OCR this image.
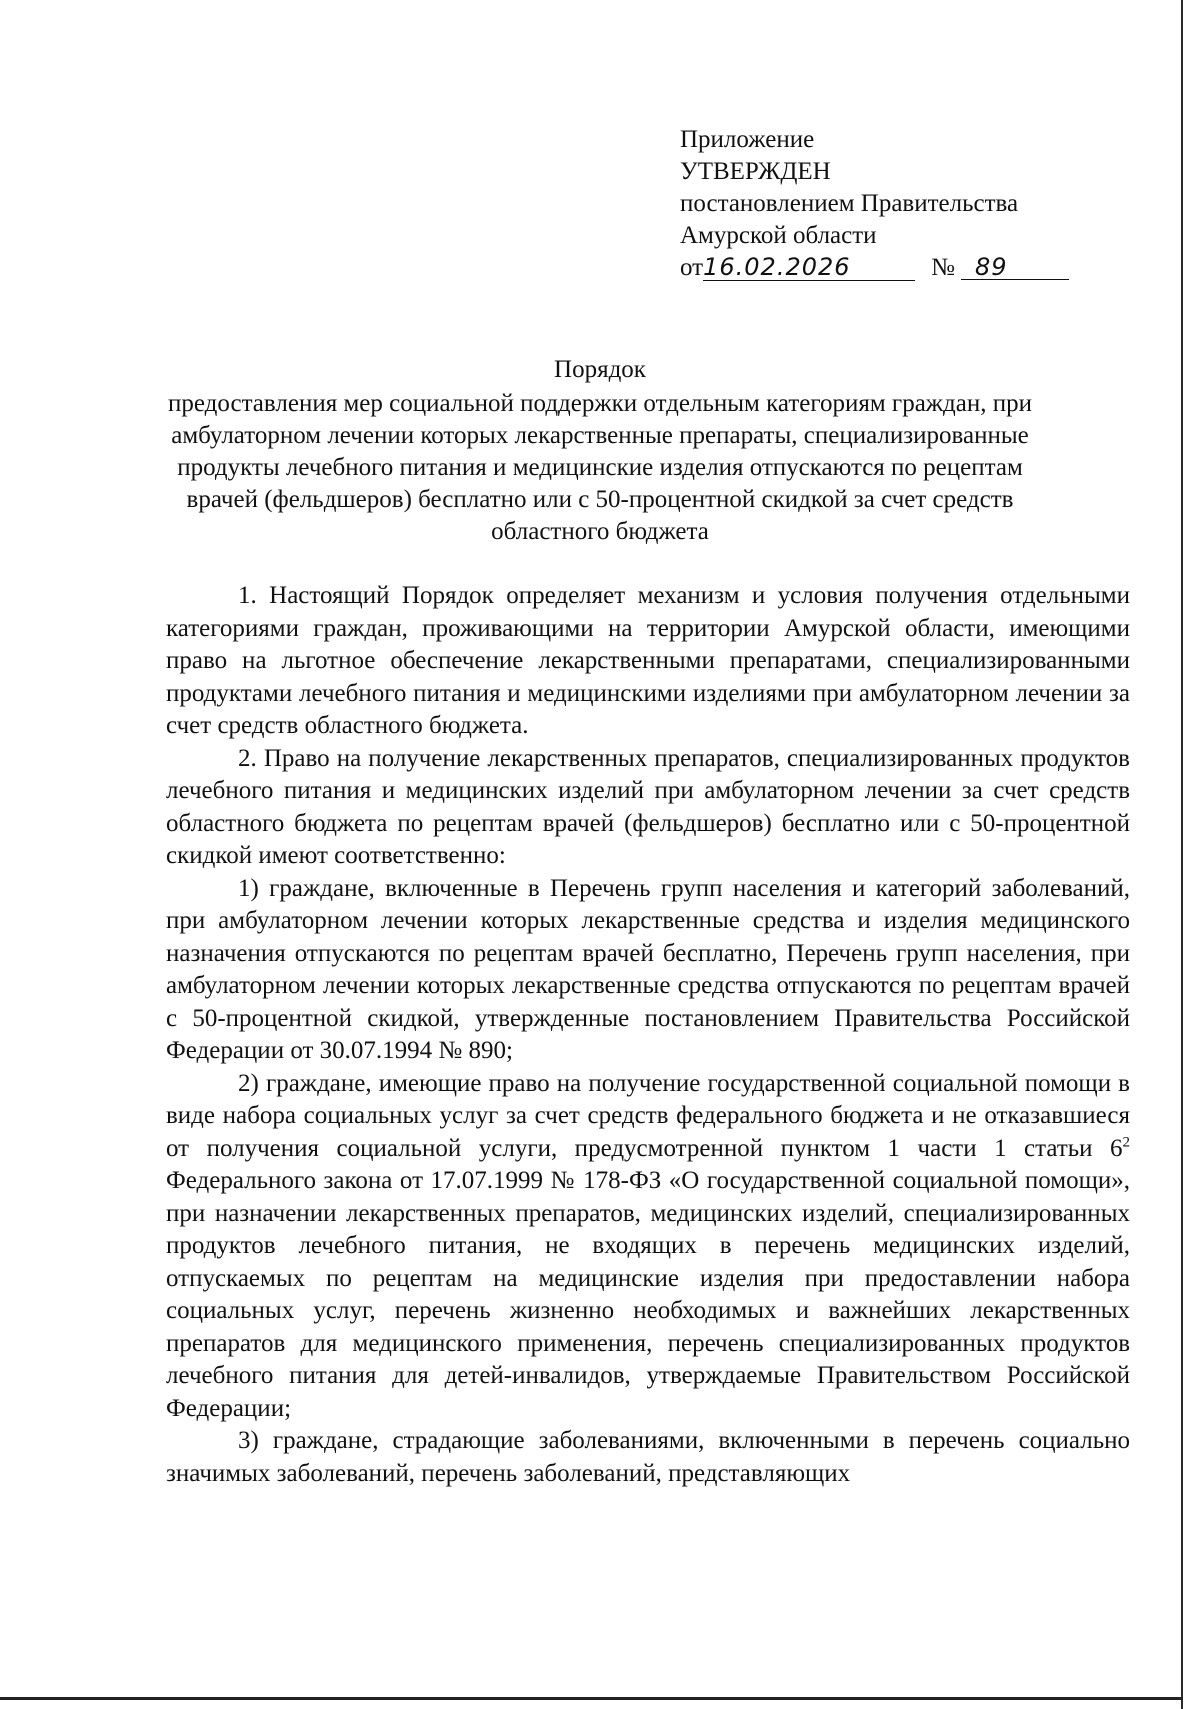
Приложение
УТВЕРЖДЕН
постановлением Правительства
Амурской области
от16.02.2026	№ 89
Порядок
предоставления мер социальной поддержки отдельным категориям граждан, при амбулаторном лечении которых лекарственные препараты, специализированные продукты лечебного питания и медицинские изделия отпускаются по рецептам врачей (фельдшеров) бесплатно или с 50-процентной скидкой за счет средств областного бюджета

1. Настоящий Порядок определяет механизм и условия получения отдельными категориями граждан, проживающими на территории Амурской области, имеющими право на льготное обеспечение лекарственными препаратами, специализированными продуктами лечебного питания и медицинскими изделиями при амбулаторном лечении за счет средств областного бюджета.

2. Право на получение лекарственных препаратов, специализированных продуктов лечебного питания и медицинских изделий при амбулаторном лечении за счет средств областного бюджета по рецептам врачей (фельдшеров) бесплатно или с 50-процентной скидкой имеют соответственно:

1) граждане, включенные в Перечень групп населения и категорий заболеваний, при амбулаторном лечении которых лекарственные средства и изделия медицинского назначения отпускаются по рецептам врачей бесплатно, Перечень групп населения, при амбулаторном лечении которых лекарственные средства отпускаются по рецептам врачей с 50-процентной скидкой, утвержденные постановлением Правительства Российской Федерации от 30.07.1994 № 890;

2) граждане, имеющие право на получение государственной социальной помощи в виде набора социальных услуг за счет средств федерального бюджета и не отказавшиеся от получения социальной услуги, предусмотренной пунктом 1 части 1 статьи $6^2$ Федерального закона от 17.07.1999 № 178-ФЗ «О государственной социальной помощи», при назначении лекарственных препаратов, медицинских изделий, специализированных продуктов лечебного питания, не входящих в перечень медицинских изделий, отпускаемых по рецептам на медицинские изделия при предоставлении набора социальных услуг, перечень жизненно необходимых и важнейших лекарственных препаратов для медицинского применения, перечень специализированных продуктов лечебного питания для детей-инвалидов, утверждаемые Правительством Российской Федерации;

3) граждане, страдающие заболеваниями, включенными в перечень социально значимых заболеваний, перечень заболеваний, представляющих
